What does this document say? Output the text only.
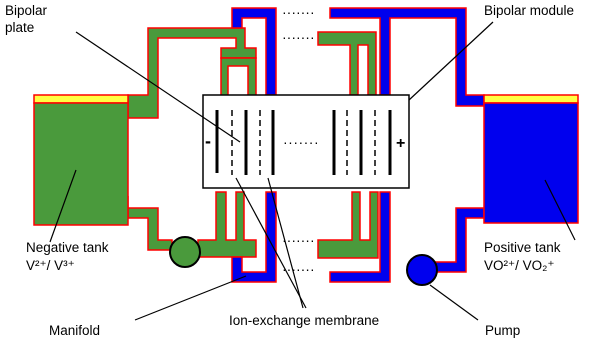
·······
·······
·······
·······
·······
-	+
Bipolar
plate
Bipolar module
Negative tank
V²⁺/ V³⁺
Positive tank
VO²⁺/ VO₂⁺
Manifold
Ion-exchange membrane
Pump
